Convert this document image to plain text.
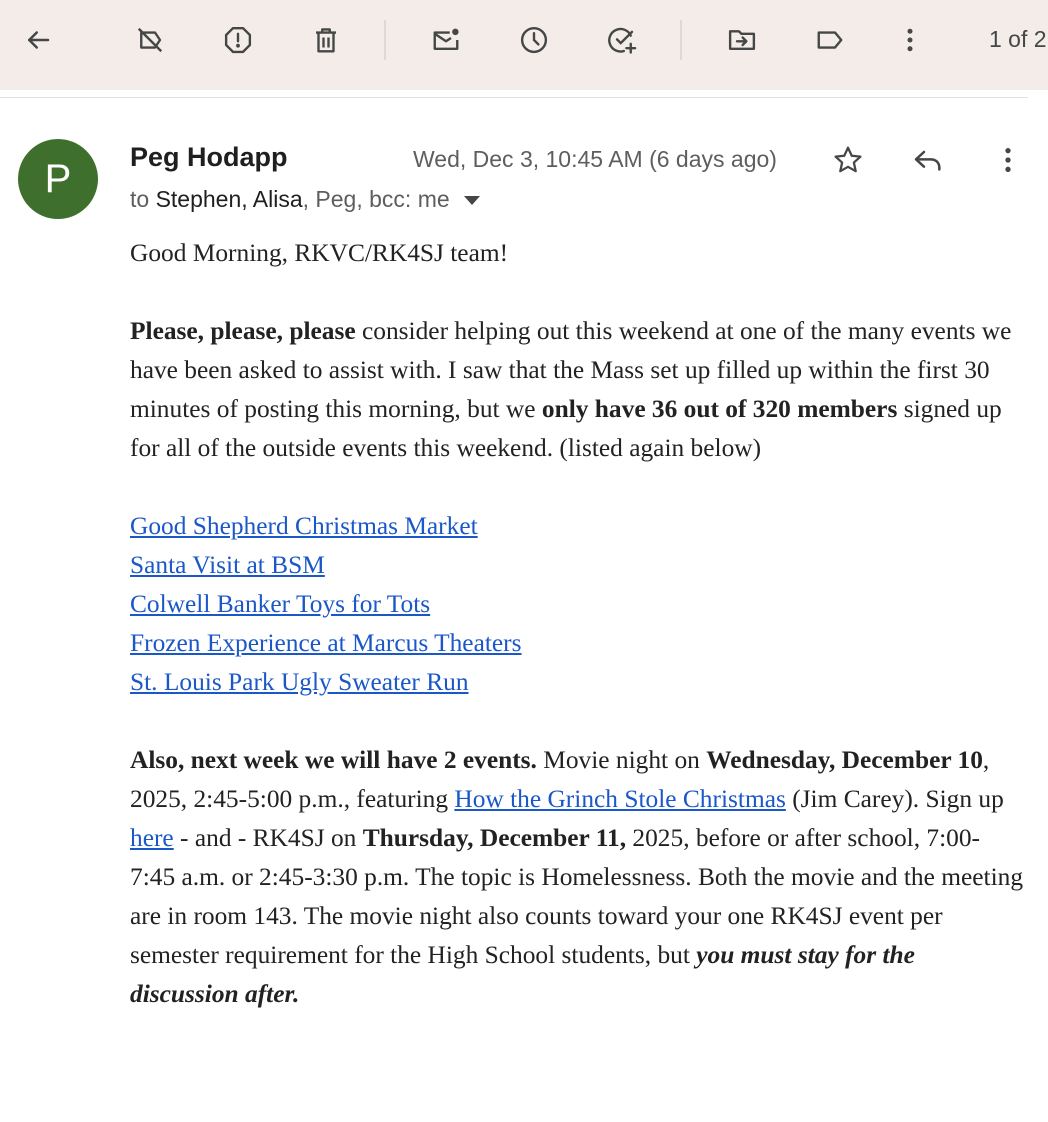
1 of 2
P Peg Hodapp	Wed, Dec 3, 10:45 AM (6 days ago)
to Stephen, Alisa, Peg, bcc: me

Good Morning, RKVC/RK4SJ team!

Please, please, please consider helping out this weekend at one of the many events we have been asked to assist with. I saw that the Mass set up filled up within the first 30 minutes of posting this morning, but we only have 36 out of 320 members signed up for all of the outside events this weekend. (listed again below)

Good Shepherd Christmas Market

Santa Visit at BSM

Colwell Banker Toys for Tots

Frozen Experience at Marcus Theaters

St. Louis Park Ugly Sweater Run

Also, next week we will have 2 events. Movie night on Wednesday, December 10, 2025, 2:45-5:00 p.m., featuring How the Grinch Stole Christmas (Jim Carey). Sign up here - and - RK4SJ on Thursday, December 11, 2025, before or after school, 7:00-7:45 a.m. or 2:45-3:30 p.m. The topic is Homelessness. Both the movie and the meeting are in room 143. The movie night also counts toward your one RK4SJ event per semester requirement for the High School students, but you must stay for the discussion after.
